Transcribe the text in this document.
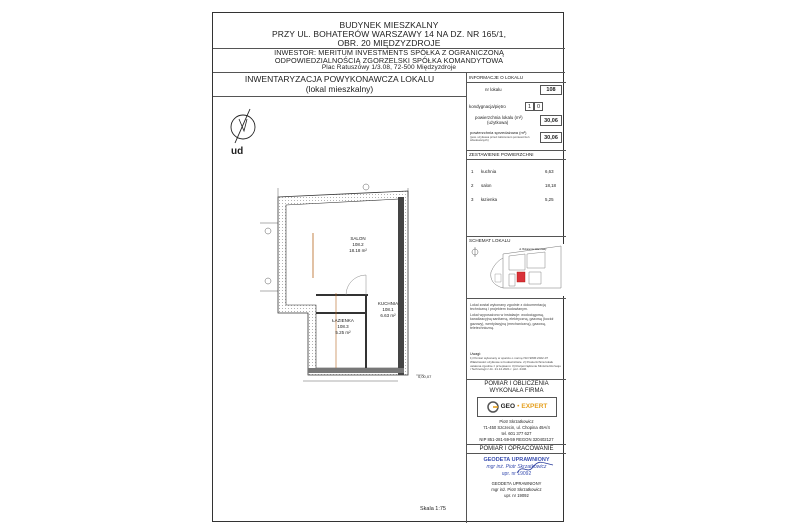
BUDYNEK MIESZKALNY
PRZY UL. BOHATERÓW WARSZAWY 14 NA DZ. NR 165/1,
OBR. 20 MIĘDZYZDROJE
INWESTOR: MERITUM INVESTMENTS SPÓŁKA Z OGRANICZONĄ
ODPOWIEDZIALNOŚCIĄ ZGORZELSKI SPÓŁKA KOMANDYTOWA
Plac Ratuszowy 1/3.08, 72-500 Międzyzdroje
INWENTARYZACJA POWYKONAWCZA LOKALU
(lokal mieszkalny)
ud
SALON
108.2
18.18 m²
KUCHNIA
108.1
6.63 m²
ŁAZIENKA
108.3
5.25 m²
0,00,07
Skala 1:75
INFORMACJE O LOKALU
nr lokalu	108
kondygnacja/piętro	1	0
powierzchnia lokalu (m²)
(użytkowa)	30,06
powierzchnia sprzedażowa (m²)
(pow. użytkowa przed zaliczeniem pomieszczeń wbudowanych)	30,06
ZESTAWIENIE POWIERZCHNI
1 kuchnia	6,63
2 salon	18,18
3 łazienka	5,25
SCHEMAT LOKALU
ul. Bohaterów Warszawy
Lokal został wykonany zgodnie z dokumentacją techniczną i projektem budowlanym.
Lokal wyposażono w instalacje: wodociągową, kanalizacyjną sanitarną, elektryczną, gazową (kocioł gazowy), wentylacyjną (mechaniczną), gazową, teletechniczną.
Uwagi:
1) Pomiar wykonany w oparciu o normę ISO 9836:2022-07 Właściwości użytkowe w budownictwie. 2) Powierzchnia lokalu ustalona zgodnie z przepisami. 3) Rozporządzenie Ministra Rozwoju i Technologii z dn. 21.12.2021 r. poz. 2446.
POMIAR I OBLICZENIA
WYKONAŁA FIRMA
GEO • EXPERT
Piotr Skrzatkowicz
71-450 Szczecin, ul. Chopina 49A/4
tel. 601 377 627
NIP 851-281-59-59 REGON 320402127
POMIAR I OPRACOWANIE
GEODETA UPRAWNIONY
mgr inż. Piotr Skrzatkowicz
upr. nr 19092
GEODETA UPRAWNIONY
mgr inż. Piotr Skrzatkowicz
upr. nr 19092
